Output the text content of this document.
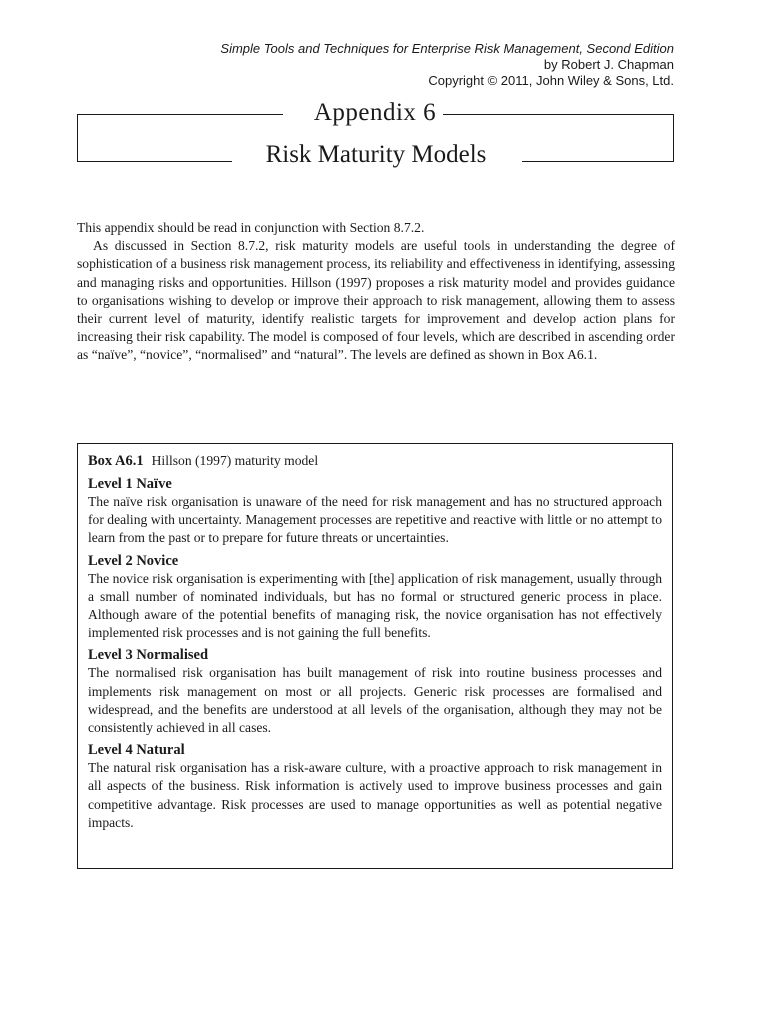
Simple Tools and Techniques for Enterprise Risk Management, Second Edition
by Robert J. Chapman
Copyright © 2011, John Wiley & Sons, Ltd.
Appendix 6
Risk Maturity Models

This appendix should be read in conjunction with Section 8.7.2.

As discussed in Section 8.7.2, risk maturity models are useful tools in understanding the degree of sophistication of a business risk management process, its reliability and effectiveness in identifying, assessing and managing risks and opportunities. Hillson (1997) proposes a risk maturity model and provides guidance to organisations wishing to develop or improve their approach to risk management, allowing them to assess their current level of maturity, identify realistic targets for improvement and develop action plans for increasing their risk capability. The model is composed of four levels, which are described in ascending order as “naïve”, “novice”, “normalised” and “natural”. The levels are defined as shown in Box A6.1.

Box A6.1 Hillson (1997) maturity model
Level 1 Naïve

The naïve risk organisation is unaware of the need for risk management and has no structured approach for dealing with uncertainty. Management processes are repetitive and reactive with little or no attempt to learn from the past or to prepare for future threats or uncertainties.

Level 2 Novice

The novice risk organisation is experimenting with [the] application of risk management, usually through a small number of nominated individuals, but has no formal or structured generic process in place. Although aware of the potential benefits of managing risk, the novice organisation has not effectively implemented risk processes and is not gaining the full benefits.

Level 3 Normalised

The normalised risk organisation has built management of risk into routine business processes and implements risk management on most or all projects. Generic risk processes are formalised and widespread, and the benefits are understood at all levels of the organisation, although they may not be consistently achieved in all cases.

Level 4 Natural

The natural risk organisation has a risk-aware culture, with a proactive approach to risk management in all aspects of the business. Risk information is actively used to improve business processes and gain competitive advantage. Risk processes are used to manage opportunities as well as potential negative impacts.
